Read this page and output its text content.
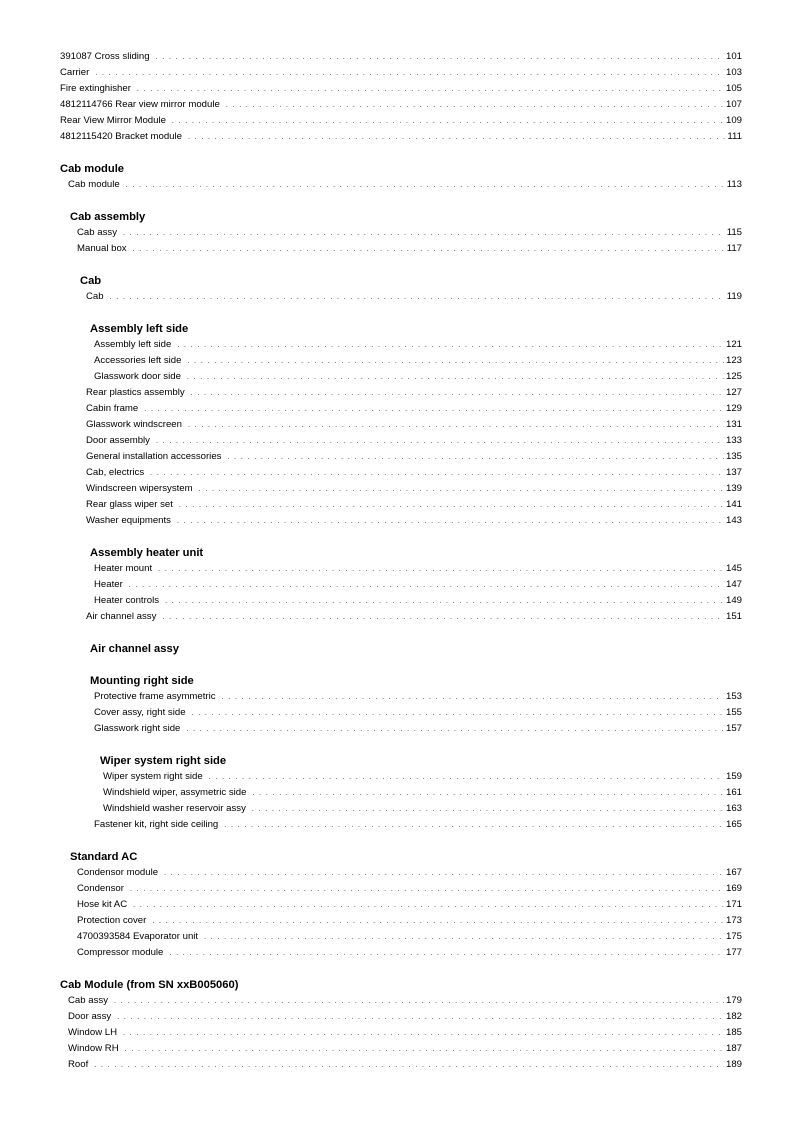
Cab module
Cab assembly
Cab
Assembly left side
Assembly heater unit
Air channel assy
Mounting right side
Wiper system right side
Standard AC
Cab Module (from SN xxB005060)
391087 Cross sliding . . .	101
Carrier . . .	103
Fire extinghisher . . .	105
4812114766 Rear view mirror module . . .	107
Rear View Mirror Module . . .	109
4812115420 Bracket module . . .	111
Cab module . . .	113
Cab assy . . .	115
Manual box . . .	117
Cab . . .	119
Assembly left side . . .	121
Accessories left side . . .	123
Glasswork door side . . .	125
Rear plastics assembly . . .	127
Cabin frame . . .	129
Glasswork windscreen . . .	131
Door assembly . . .	133
General installation accessories . . .	135
Cab, electrics . . .	137
Windscreen wipersystem . . .	139
Rear glass wiper set . . .	141
Washer equipments . . .	143
Heater mount . . .	145
Heater . . .	147
Heater controls . . .	149
Air channel assy . . .	151
Protective frame asymmetric . . .	153
Cover assy, right side . . .	155
Glasswork right side . . .	157
Wiper system right side . . .	159
Windshield wiper, assymetric side . . .	161
Windshield washer reservoir assy . . .	163
Fastener kit, right side ceiling . . .	165
Condensor module . . .	167
Condensor . . .	169
Hose kit AC . . .	171
Protection cover . . .	173
4700393584 Evaporator unit . . .	175
Compressor module . . .	177
Cab assy . . .	179
Door assy . . .	182
Window LH . . .	185
Window RH . . .	187
Roof . . .	189
